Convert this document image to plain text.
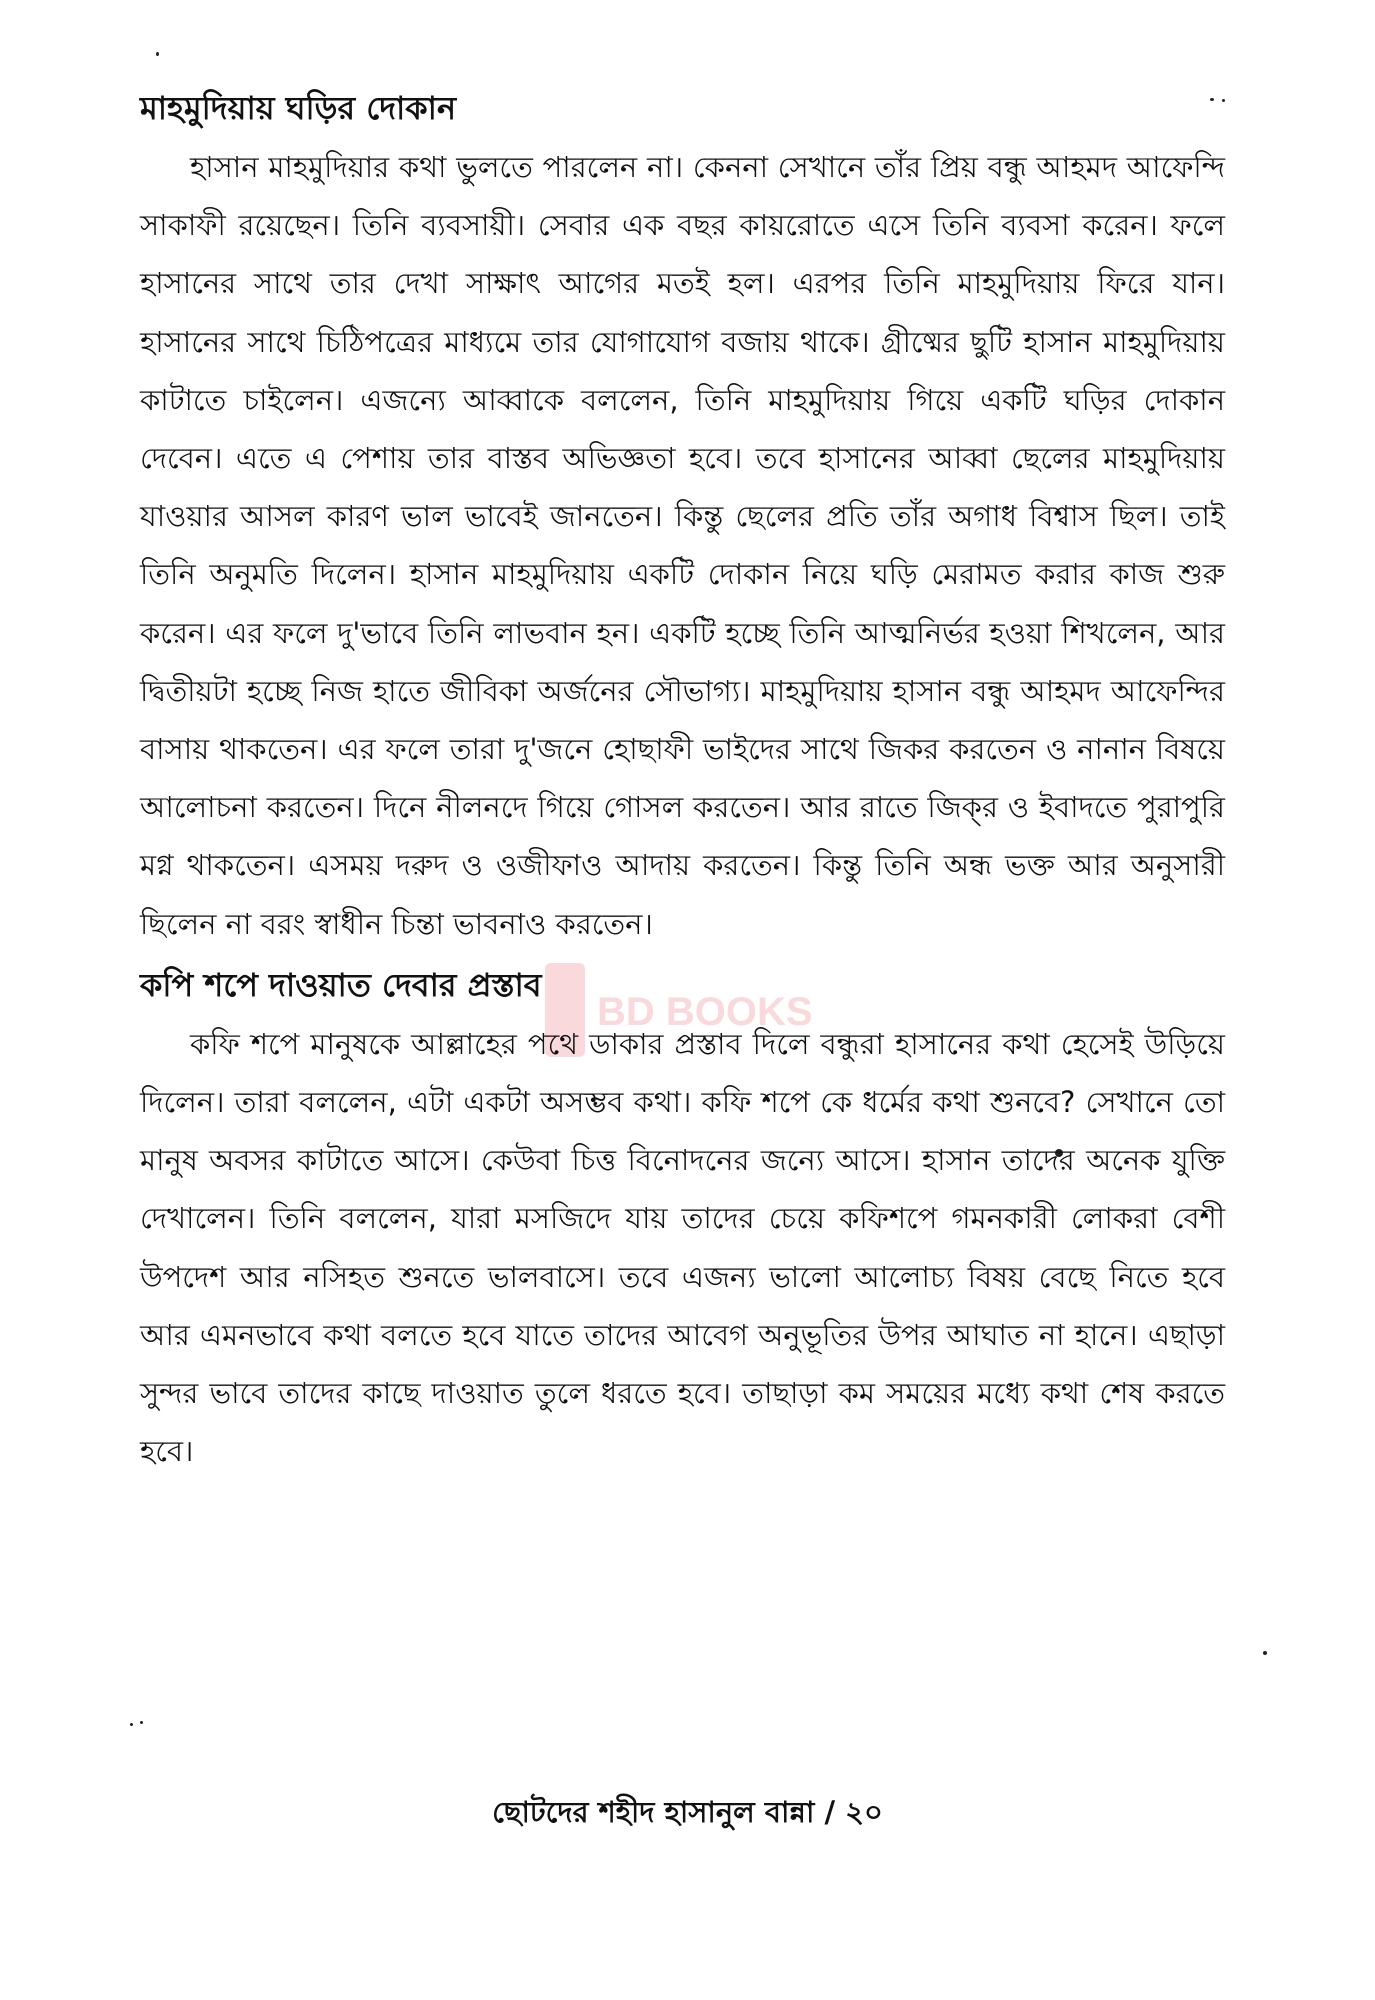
BD BOOKS
মাহমুদিয়ায় ঘড়ির দোকান

হাসান মাহমুদিয়ার কথা ভুলতে পারলেন না। কেননা সেখানে তাঁর প্রিয় বন্ধু আহমদ আফেন্দি সাকাফী রয়েছেন। তিনি ব্যবসায়ী। সেবার এক বছর কায়রোতে এসে তিনি ব্যবসা করেন। ফলে হাসানের সাথে তার দেখা সাক্ষাৎ আগের মতই হল। এরপর তিনি মাহমুদিয়ায় ফিরে যান। হাসানের সাথে চিঠিপত্রের মাধ্যমে তার যোগাযোগ বজায় থাকে। গ্রীষ্মের ছুটি হাসান মাহমুদিয়ায় কাটাতে চাইলেন। এজন্যে আব্বাকে বললেন, তিনি মাহমুদিয়ায় গিয়ে একটি ঘড়ির দোকান দেবেন। এতে এ পেশায় তার বাস্তব অভিজ্ঞতা হবে। তবে হাসানের আব্বা ছেলের মাহমুদিয়ায় যাওয়ার আসল কারণ ভাল ভাবেই জানতেন। কিন্তু ছেলের প্রতি তাঁর অগাধ বিশ্বাস ছিল। তাই তিনি অনুমতি দিলেন। হাসান মাহমুদিয়ায় একটি দোকান নিয়ে ঘড়ি মেরামত করার কাজ শুরু করেন। এর ফলে দু'ভাবে তিনি লাভবান হন। একটি হচ্ছে তিনি আত্মনির্ভর হওয়া শিখলেন, আর দ্বিতীয়টা হচ্ছে নিজ হাতে জীবিকা অর্জনের সৌভাগ্য। মাহমুদিয়ায় হাসান বন্ধু আহমদ আফেন্দির বাসায় থাকতেন। এর ফলে তারা দু'জনে হোছাফী ভাইদের সাথে জিকর করতেন ও নানান বিষয়ে আলোচনা করতেন। দিনে নীলনদে গিয়ে গোসল করতেন। আর রাতে জিক্‌র ও ইবাদতে পুরাপুরি মগ্ন থাকতেন। এসময় দরুদ ও ওজীফাও আদায় করতেন। কিন্তু তিনি অন্ধ ভক্ত আর অনুসারী ছিলেন না বরং স্বাধীন চিন্তা ভাবনাও করতেন।

কপি শপে দাওয়াত দেবার প্রস্তাব

কফি শপে মানুষকে আল্লাহের পথে ডাকার প্রস্তাব দিলে বন্ধুরা হাসানের কথা হেসেই উড়িয়ে দিলেন। তারা বললেন, এটা একটা অসম্ভব কথা। কফি শপে কে ধর্মের কথা শুনবে? সেখানে তো মানুষ অবসর কাটাতে আসে। কেউবা চিত্ত বিনোদনের জন্যে আসে। হাসান তাদের অনেক যুক্তি দেখালেন। তিনি বললেন, যারা মসজিদে যায় তাদের চেয়ে কফিশপে গমনকারী লোকরা বেশী উপদেশ আর নসিহত শুনতে ভালবাসে। তবে এজন্য ভালো আলোচ্য বিষয় বেছে নিতে হবে আর এমনভাবে কথা বলতে হবে যাতে তাদের আবেগ অনুভূতির উপর আঘাত না হানে। এছাড়া সুন্দর ভাবে তাদের কাছে দাওয়াত তুলে ধরতে হবে। তাছাড়া কম সময়ের মধ্যে কথা শেষ করতে হবে।

ছোটদের শহীদ হাসানুল বান্না / ২০
